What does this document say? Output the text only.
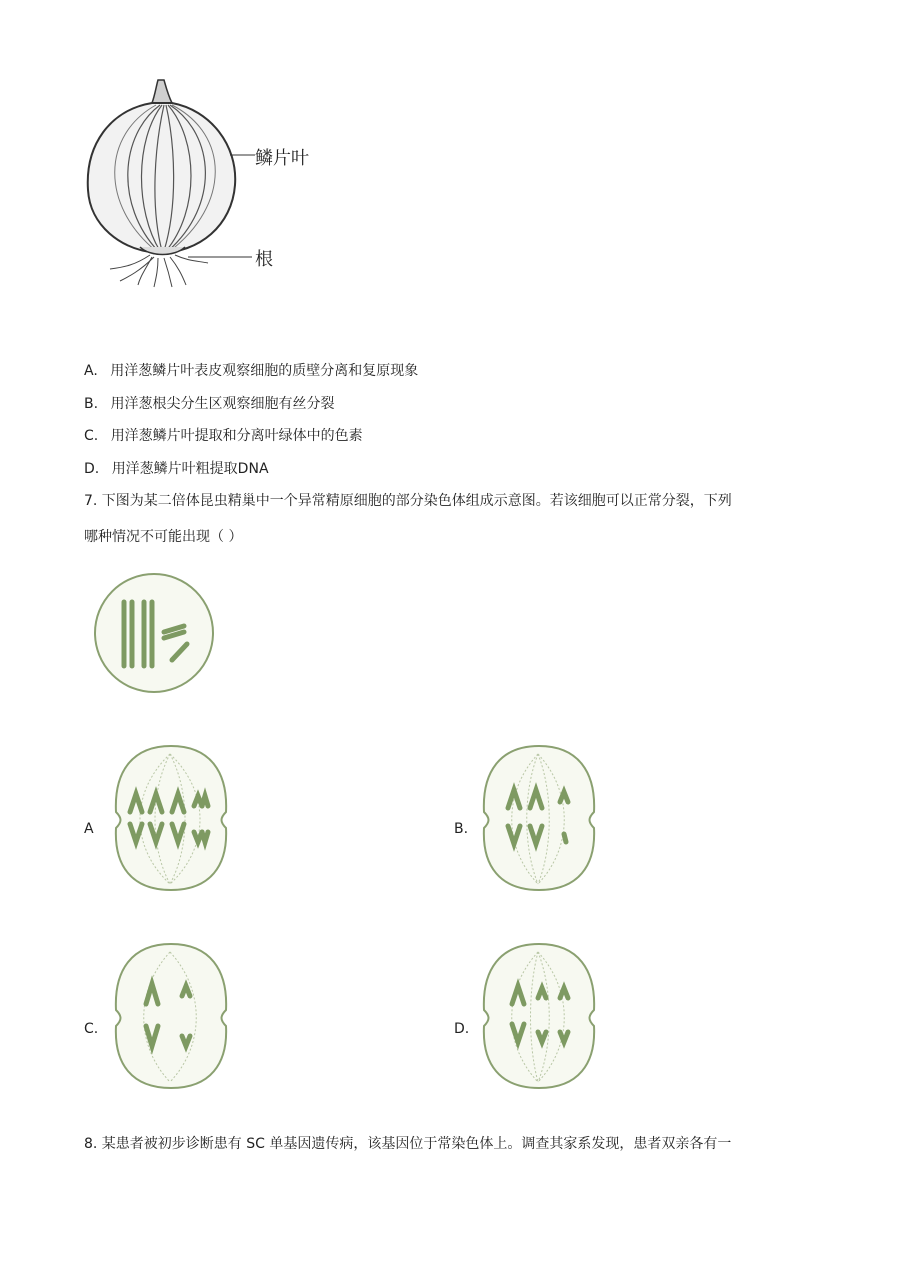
鳞片叶
根
A. 用洋葱鳞片叶表皮观察细胞的质壁分离和复原现象
B. 用洋葱根尖分生区观察细胞有丝分裂
C. 用洋葱鳞片叶提取和分离叶绿体中的色素
D. 用洋葱鳞片叶粗提取DNA
7. 下图为某二倍体昆虫精巢中一个异常精原细胞的部分染色体组成示意图。若该细胞可以正常分裂，下列
哪种情况不可能出现（ ）
A	B.
C.	D.
8. 某患者被初步诊断患有 SC 单基因遗传病，该基因位于常染色体上。调查其家系发现，患者双亲各有一
